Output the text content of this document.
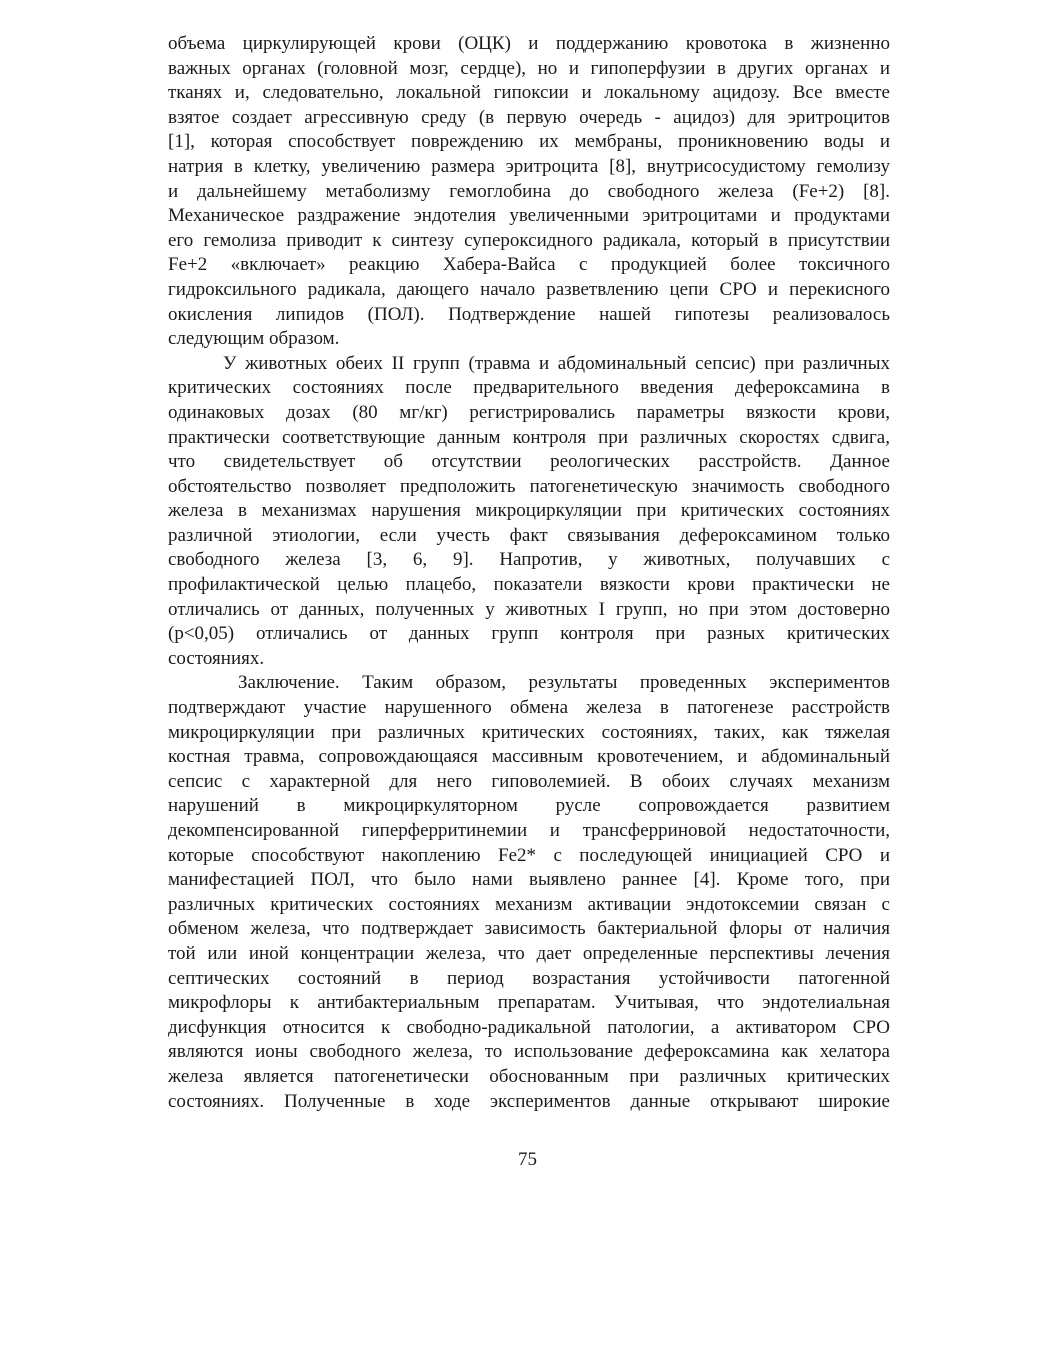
объема циркулирующей крови (ОЦК) и поддержанию кровотока в жизненно
важных органах (головной мозг, сердце), но и гипоперфузии в других органах и
тканях и, следовательно, локальной гипоксии и локальному ацидозу. Все вместе
взятое создает агрессивную среду (в первую очередь - ацидоз) для эритроцитов
[1], которая способствует повреждению их мембраны, проникновению воды и
натрия в клетку, увеличению размера эритроцита [8], внутрисосудистому гемолизу
и дальнейшему метаболизму гемоглобина до свободного железа (Fe+2) [8].
Механическое раздражение эндотелия увеличенными эритроцитами и продуктами
его гемолиза приводит к синтезу супероксидного радикала, который в присутствии
Fe+2 «включает» реакцию Хабера-Вайса с продукцией более токсичного
гидроксильного радикала, дающего начало разветвлению цепи СРО и перекисного
окисления липидов (ПОЛ). Подтверждение нашей гипотезы реализовалось
следующим образом.
У животных обеих II групп (травма и абдоминальный сепсис) при различных
критических состояниях после предварительного введения дефероксамина в
одинаковых дозах (80 мг/кг) регистрировались параметры вязкости крови,
практически соответствующие данным контроля при различных скоростях сдвига,
что свидетельствует об отсутствии реологических расстройств. Данное
обстоятельство позволяет предположить патогенетическую значимость свободного
железа в механизмах нарушения микроциркуляции при критических состояниях
различной этиологии, если учесть факт связывания дефероксамином только
свободного железа [3, 6, 9]. Напротив, у животных, получавших с
профилактической целью плацебо, показатели вязкости крови практически не
отличались от данных, полученных у животных I групп, но при этом достоверно
(р<0,05) отличались от данных групп контроля при разных критических
состояниях.
Заключение. Таким образом, результаты проведенных экспериментов
подтверждают участие нарушенного обмена железа в патогенезе расстройств
микроциркуляции при различных критических состояниях, таких, как тяжелая
костная травма, сопровождающаяся массивным кровотечением, и абдоминальный
сепсис с характерной для него гиповолемией. В обоих случаях механизм
нарушений в микроциркуляторном русле сопровождается развитием
декомпенсированной гиперферритинемии и трансферриновой недостаточности,
которые способствуют накоплению Fe2* с последующей инициацией СРО и
манифестацией ПОЛ, что было нами выявлено раннее [4]. Кроме того, при
различных критических состояниях механизм активации эндотоксемии связан с
обменом железа, что подтверждает зависимость бактериальной флоры от наличия
той или иной концентрации железа, что дает определенные перспективы лечения
септических состояний в период возрастания устойчивости патогенной
микрофлоры к антибактериальным препаратам. Учитывая, что эндотелиальная
дисфункция относится к свободно-радикальной патологии, а активатором СРО
являются ионы свободного железа, то использование дефероксамина как хелатора
железа является патогенетически обоснованным при различных критических
состояниях. Полученные в ходе экспериментов данные открывают широкие
75
